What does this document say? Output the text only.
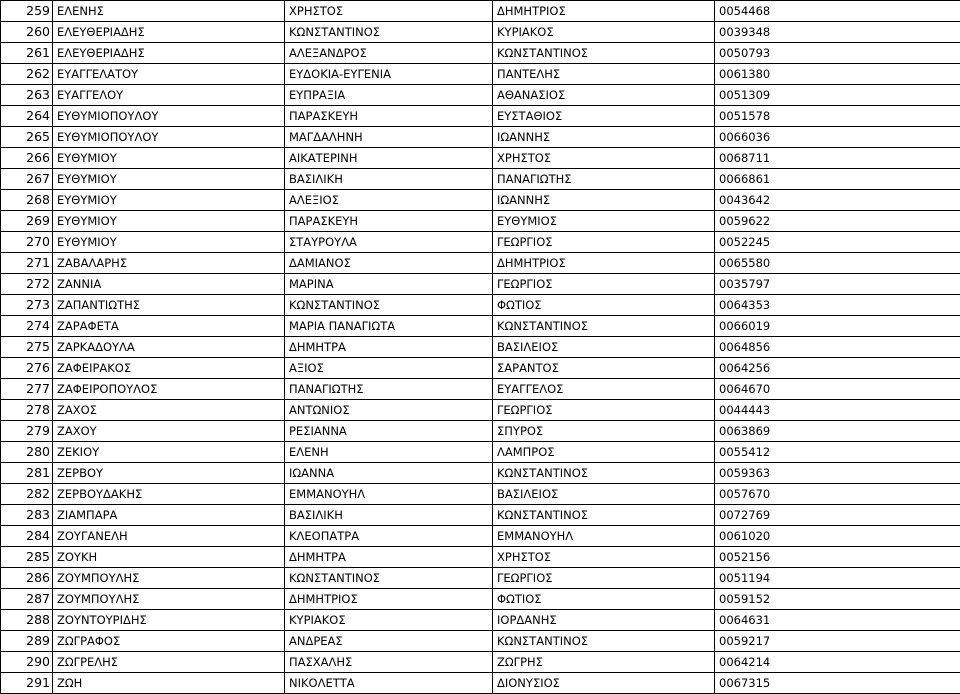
259	ΕΛΕΝΗΣ	ΧΡΗΣΤΟΣ	ΔΗΜΗΤΡΙΟΣ	0054468
260	ΕΛΕΥΘΕΡΙΑΔΗΣ	ΚΩΝΣΤΑΝΤΙΝΟΣ	ΚΥΡΙΑΚΟΣ	0039348
261	ΕΛΕΥΘΕΡΙΑΔΗΣ	ΑΛΕΞΑΝΔΡΟΣ	ΚΩΝΣΤΑΝΤΙΝΟΣ	0050793
262	ΕΥΑΓΓΕΛΑΤΟΥ	ΕΥΔΟΚΙΑ-ΕΥΓΕΝΙΑ	ΠΑΝΤΕΛΗΣ	0061380
263	ΕΥΑΓΓΕΛΟΥ	ΕΥΠΡΑΞΙΑ	ΑΘΑΝΑΣΙΟΣ	0051309
264	ΕΥΘΥΜΙΟΠΟΥΛΟΥ	ΠΑΡΑΣΚΕΥΗ	ΕΥΣΤΑΘΙΟΣ	0051578
265	ΕΥΘΥΜΙΟΠΟΥΛΟΥ	ΜΑΓΔΑΛΗΝΗ	ΙΩΑΝΝΗΣ	0066036
266	ΕΥΘΥΜΙΟΥ	ΑΙΚΑΤΕΡΙΝΗ	ΧΡΗΣΤΟΣ	0068711
267	ΕΥΘΥΜΙΟΥ	ΒΑΣΙΛΙΚΗ	ΠΑΝΑΓΙΩΤΗΣ	0066861
268	ΕΥΘΥΜΙΟΥ	ΑΛΕΞΙΟΣ	ΙΩΑΝΝΗΣ	0043642
269	ΕΥΘΥΜΙΟΥ	ΠΑΡΑΣΚΕΥΗ	ΕΥΘΥΜΙΟΣ	0059622
270	ΕΥΘΥΜΙΟΥ	ΣΤΑΥΡΟΥΛΑ	ΓΕΩΡΓΙΟΣ	0052245
271	ΖΑΒΑΛΑΡΗΣ	ΔΑΜΙΑΝΟΣ	ΔΗΜΗΤΡΙΟΣ	0065580
272	ΖΑΝΝΙΑ	ΜΑΡΙΝΑ	ΓΕΩΡΓΙΟΣ	0035797
273	ΖΑΠΑΝΤΙΩΤΗΣ	ΚΩΝΣΤΑΝΤΙΝΟΣ	ΦΩΤΙΟΣ	0064353
274	ΖΑΡΑΦΕΤΑ	ΜΑΡΙΑ ΠΑΝΑΓΙΩΤΑ	ΚΩΝΣΤΑΝΤΙΝΟΣ	0066019
275	ΖΑΡΚΑΔΟΥΛΑ	ΔΗΜΗΤΡΑ	ΒΑΣΙΛΕΙΟΣ	0064856
276	ΖΑΦΕΙΡΑΚΟΣ	ΑΞΙΟΣ	ΣΑΡΑΝΤΟΣ	0064256
277	ΖΑΦΕΙΡΟΠΟΥΛΟΣ	ΠΑΝΑΓΙΩΤΗΣ	ΕΥΑΓΓΕΛΟΣ	0064670
278	ΖΑΧΟΣ	ΑΝΤΩΝΙΟΣ	ΓΕΩΡΓΙΟΣ	0044443
279	ΖΑΧΟΥ	ΡΕΣΙΑΝΝΑ	ΣΠΥΡΟΣ	0063869
280	ΖΕΚΙΟΥ	ΕΛΕΝΗ	ΛΑΜΠΡΟΣ	0055412
281	ΖΕΡΒΟΥ	ΙΩΑΝΝΑ	ΚΩΝΣΤΑΝΤΙΝΟΣ	0059363
282	ΖΕΡΒΟΥΔΑΚΗΣ	ΕΜΜΑΝΟΥΗΛ	ΒΑΣΙΛΕΙΟΣ	0057670
283	ΖΙΑΜΠΑΡΑ	ΒΑΣΙΛΙΚΗ	ΚΩΝΣΤΑΝΤΙΝΟΣ	0072769
284	ΖΟΥΓΑΝΕΛΗ	ΚΛΕΟΠΑΤΡΑ	ΕΜΜΑΝΟΥΗΛ	0061020
285	ΖΟΥΚΗ	ΔΗΜΗΤΡΑ	ΧΡΗΣΤΟΣ	0052156
286	ΖΟΥΜΠΟΥΛΗΣ	ΚΩΝΣΤΑΝΤΙΝΟΣ	ΓΕΩΡΓΙΟΣ	0051194
287	ΖΟΥΜΠΟΥΛΗΣ	ΔΗΜΗΤΡΙΟΣ	ΦΩΤΙΟΣ	0059152
288	ΖΟΥΝΤΟΥΡΙΔΗΣ	ΚΥΡΙΑΚΟΣ	ΙΟΡΔΑΝΗΣ	0064631
289	ΖΩΓΡΑΦΟΣ	ΑΝΔΡΕΑΣ	ΚΩΝΣΤΑΝΤΙΝΟΣ	0059217
290	ΖΩΓΡΕΛΗΣ	ΠΑΣΧΑΛΗΣ	ΖΩΓΡΗΣ	0064214
291	ΖΩΗ	ΝΙΚΟΛΕΤΤΑ	ΔΙΟΝΥΣΙΟΣ	0067315
